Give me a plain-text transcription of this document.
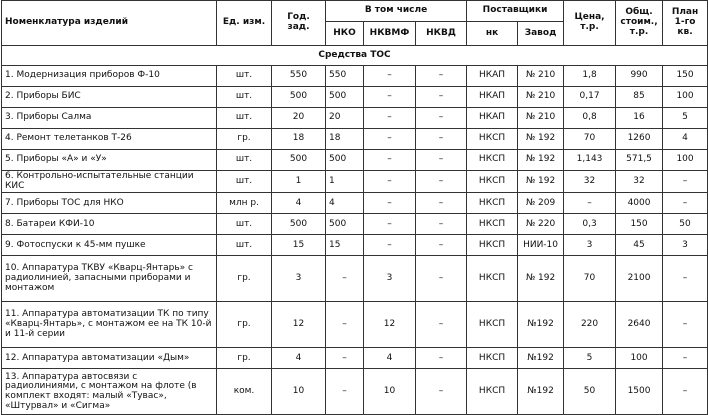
Номенклатура изделий	Ед. изм.	Год. зад.	В том числе			Поставщики		Цена, т.р.	Общ. стоим., т.р.	План 1-го кв.
			НКО	НКВМФ	НКВД	нк	Завод			
Средства ТОС										
1. Модернизация приборов Ф-10	шт.	550	550	–	–	НКАП	№ 210	1,8	990	150
2. Приборы БИС	шт.	500	500	–	–	НКАП	№ 210	0,17	85	100
3. Приборы Салма	шт.	20	20	–	–	НКАП	№ 210	0,8	16	5
4. Ремонт телетанков Т-26	гр.	18	18	–	–	НКСП	№ 192	70	1260	4
5. Приборы «А» и «У»	шт.	500	500	–	–	НКСП	№ 192	1,143	571,5	100
6. Контрольно-испытательные станции КИС	шт.	1	1	–	–	НКСП	№ 192	32	32	–
7. Приборы ТОС для НКО	млн р.	4	4	–	–	НКСП	№ 209	–	4000	–
8. Батареи КФИ-10	шт.	500	500	–	–	НКСП	№ 220	0,3	150	50
9. Фотоспуски к 45-мм пушке	шт.	15	15	–	–	НКСП	НИИ-10	3	45	3
10. Аппаратура ТКВУ «Кварц-Янтарь» с радиолинией, запасными приборами и монтажом	гр.	3	–	3	–	НКСП	№ 192	70	2100	–
11. Аппаратура автоматизации ТК по типу «Кварц-Янтарь», с монтажом ее на ТК 10-й и 11-й серии	гр.	12	–	12	–	НКСП	№192	220	2640	–
12. Аппаратура автоматизации «Дым»	гр.	4	–	4	–	НКСП	№192	5	100	–
13. Аппаратура автосвязи с радиолиниями, с монтажом на флоте (в комплект входят: малый «Тувас», «Штурвал» и «Сигма»	ком.	10	–	10	–	НКСП	№192	50	1500	–
